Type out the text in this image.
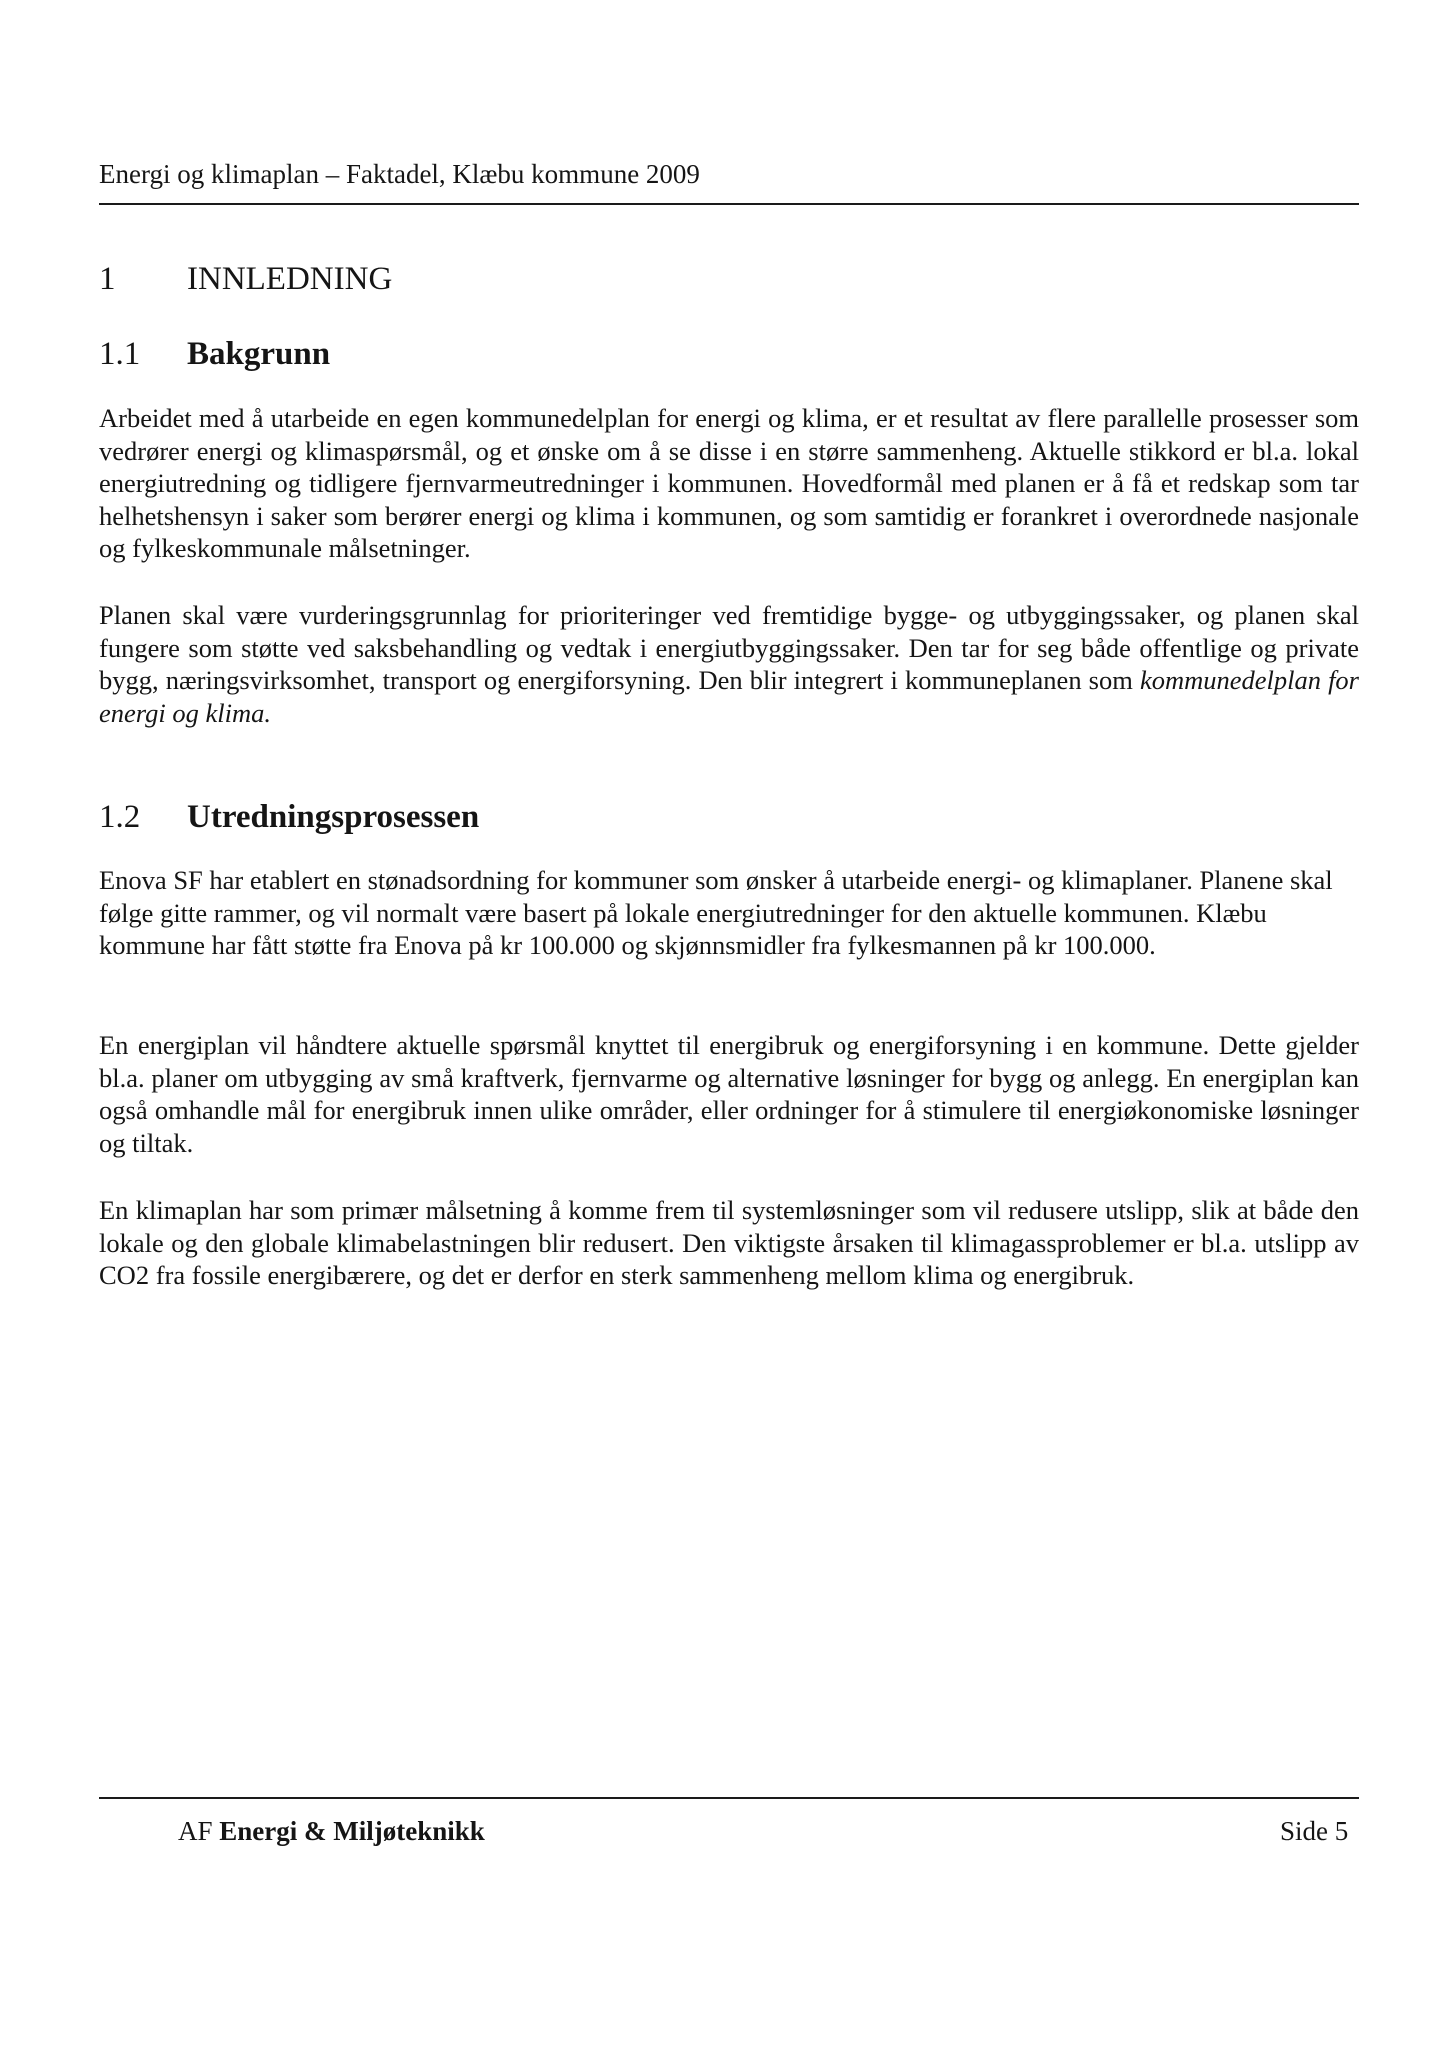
Energi og klimaplan – Faktadel, Klæbu kommune 2009
1 INNLEDNING
1.1 Bakgrunn

Arbeidet med å utarbeide en egen kommunedelplan for energi og klima, er et resultat av flere parallelle prosesser som vedrører energi og klimaspørsmål, og et ønske om å se disse i en større sammenheng. Aktuelle stikkord er bl.a. lokal energiutredning og tidligere fjernvarmeutredninger i kommunen. Hovedformål med planen er å få et redskap som tar helhetshensyn i saker som berører energi og klima i kommunen, og som samtidig er forankret i overordnede nasjonale og fylkeskommunale målsetninger.

Planen skal være vurderingsgrunnlag for prioriteringer ved fremtidige bygge- og utbyggingssaker, og planen skal fungere som støtte ved saksbehandling og vedtak i energiutbyggingssaker. Den tar for seg både offentlige og private bygg, næringsvirksomhet, transport og energiforsyning. Den blir integrert i kommuneplanen som kommunedelplan for energi og klima.

1.2 Utredningsprosessen

Enova SF har etablert en stønadsordning for kommuner som ønsker å utarbeide energi- og klimaplaner. Planene skal følge gitte rammer, og vil normalt være basert på lokale energiutredninger for den aktuelle kommunen. Klæbu kommune har fått støtte fra Enova på kr 100.000 og skjønnsmidler fra fylkesmannen på kr 100.000.

En energiplan vil håndtere aktuelle spørsmål knyttet til energibruk og energiforsyning i en kommune. Dette gjelder bl.a. planer om utbygging av små kraftverk, fjernvarme og alternative løsninger for bygg og anlegg. En energiplan kan også omhandle mål for energibruk innen ulike områder, eller ordninger for å stimulere til energiøkonomiske løsninger og tiltak.

En klimaplan har som primær målsetning å komme frem til systemløsninger som vil redusere utslipp, slik at både den lokale og den globale klimabelastningen blir redusert. Den viktigste årsaken til klimagassproblemer er bl.a. utslipp av CO2 fra fossile energibærere, og det er derfor en sterk sammenheng mellom klima og energibruk.

AF Energi & Miljøteknikk	Side 5
